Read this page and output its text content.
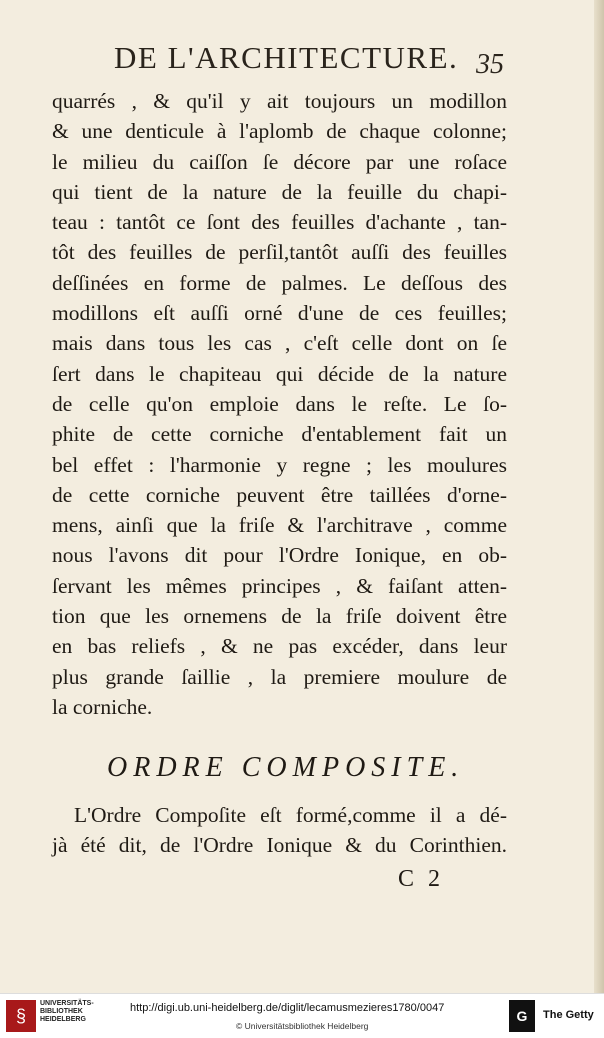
DE L'ARCHITECTURE. 35
quarrés , & qu'il y ait toujours un modillon
& une denticule à l'aplomb de chaque colonne;
le milieu du caiſſon ſe décore par une roſace
qui tient de la nature de la feuille du chapi-
teau : tantôt ce ſont des feuilles d'achante , tan-
tôt des feuilles de perſil,tantôt auſſi des feuilles
deſſinées en forme de palmes. Le deſſous des
modillons eſt auſſi orné d'une de ces feuilles;
mais dans tous les cas , c'eſt celle dont on ſe
ſert dans le chapiteau qui décide de la nature
de celle qu'on emploie dans le reſte. Le ſo-
phite de cette corniche d'entablement fait un
bel effet : l'harmonie y regne ; les moulures
de cette corniche peuvent être taillées d'orne-
mens, ainſi que la friſe & l'architrave , comme
nous l'avons dit pour l'Ordre Ionique, en ob-
ſervant les mêmes principes , & faiſant atten-
tion que les ornemens de la friſe doivent être
en bas reliefs , & ne pas excéder, dans leur
plus grande ſaillie , la premiere moulure de
la corniche.
ORDRE COMPOSITE.
L'Ordre Compoſite eſt formé,comme il a dé-
jà été dit, de l'Ordre Ionique & du Corinthien.
C 2
§
UNIVERSITÄTS-
BIBLIOTHEK
HEIDELBERG
http://digi.ub.uni-heidelberg.de/diglit/lecamusmezieres1780/0047
© Universitätsbibliothek Heidelberg
G	The Getty
